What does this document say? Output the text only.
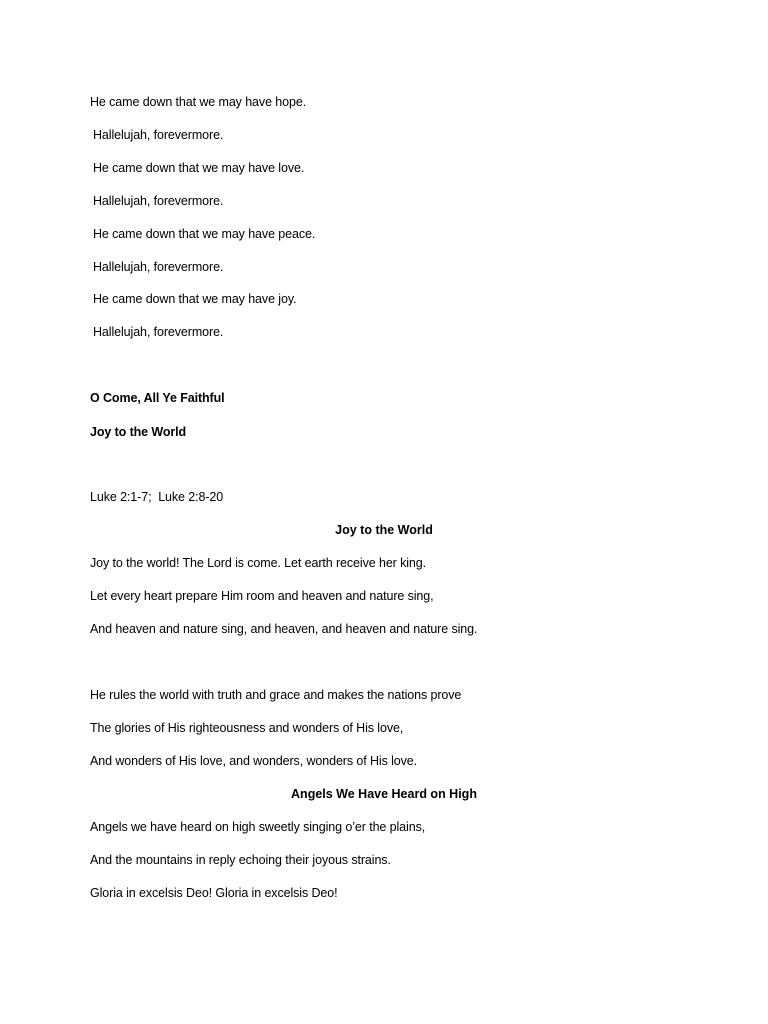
He came down that we may have hope.
Hallelujah, forevermore.
He came down that we may have love.
Hallelujah, forevermore.
He came down that we may have peace.
Hallelujah, forevermore.
He came down that we may have joy.
Hallelujah, forevermore.
O Come, All Ye Faithful
Joy to the World
Luke 2:1-7;  Luke 2:8-20
Joy to the World
Joy to the world! The Lord is come. Let earth receive her king.
Let every heart prepare Him room and heaven and nature sing,
And heaven and nature sing, and heaven, and heaven and nature sing.
He rules the world with truth and grace and makes the nations prove
The glories of His righteousness and wonders of His love,
And wonders of His love, and wonders, wonders of His love.
Angels We Have Heard on High
Angels we have heard on high sweetly singing o’er the plains,
And the mountains in reply echoing their joyous strains.
Gloria in excelsis Deo! Gloria in excelsis Deo!
